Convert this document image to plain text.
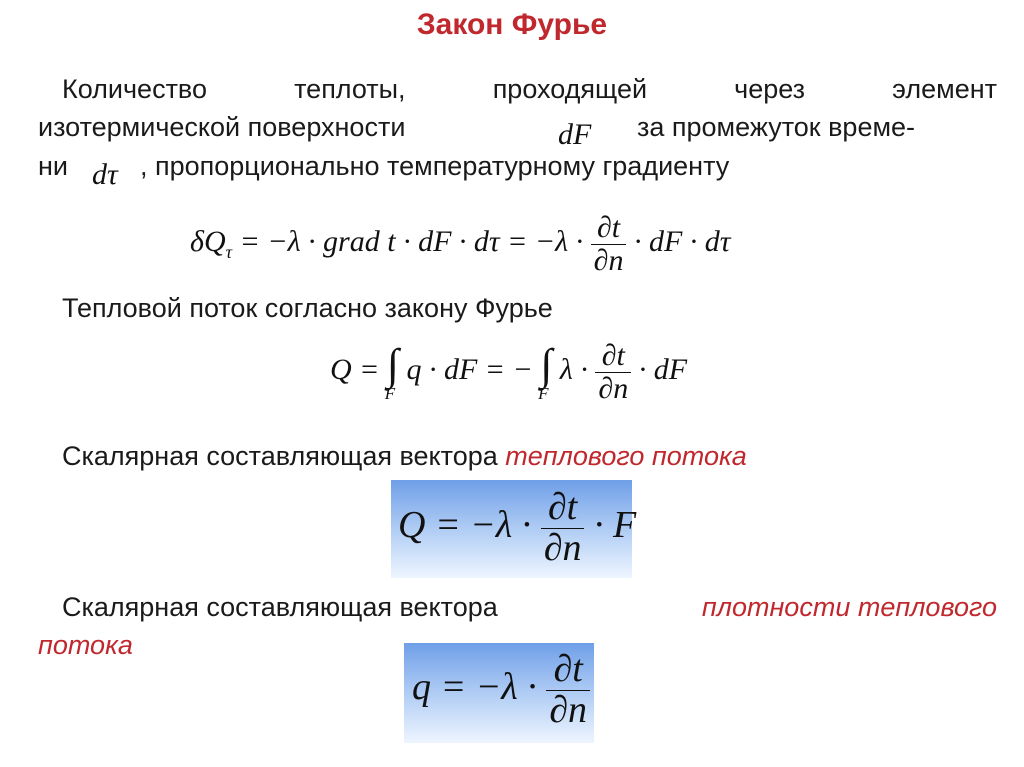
Закон Фурье
Количество	теплоты,	проходящей	через	элемент
изотермической поверхности	dF за промежуток време-
ни dτ , пропорционально температурному градиенту
$\delta Q_\tau = -\lambda$ · grad t · dF · $d\tau = -\lambda \cdot \frac{\partial t}{\partial n}$ · dF · dτ
Тепловой поток согласно закону Фурье
Q = ∫
F
q · dF = − ∫
F
$\lambda \cdot \frac{\partial t}{\partial n}$ · dF
Скалярная составляющая вектора теплового потока
$Q = -\lambda \cdot \frac{\partial t}{\partial n} \cdot F$
Скалярная составляющая вектора	плотности теплового
потока
$q = -\lambda \cdot \frac{\partial t}{\partial n}$
